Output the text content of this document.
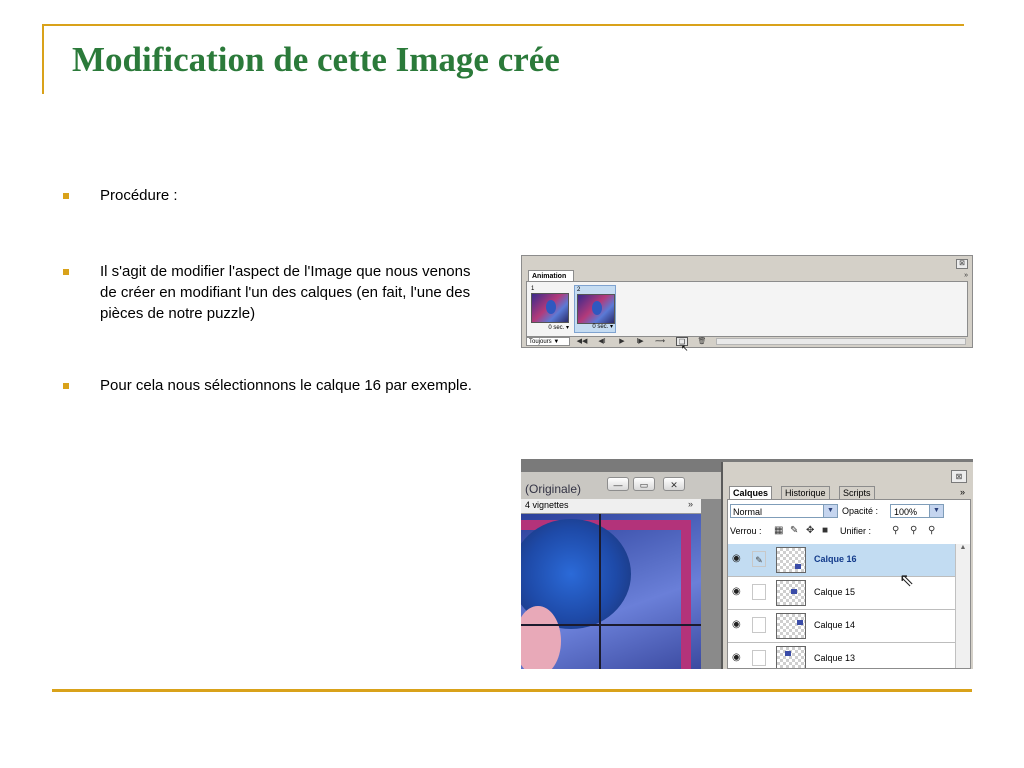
Modification de cette Image crée
Procédure :
Il s'agit de modifier l'aspect de l'Image que nous venons de créer en modifiant l'un des calques (en fait, l'une des pièces de notre puzzle)
Pour cela nous sélectionnons le calque 16 par exemple.
⊠
Animation	»
1
0 sec. ▾
2
0 sec. ▾
Toujours ▼	◀◀	◀I	▶	I▶	⟿	❑	🗑
↖
(Originale)	—	▭	✕
4 vignettes	»
⊠
Calques	Historique	Scripts	»
Normal	▼ Opacité :	100%	▼
Verrou : ▦ ✎ ✥ ■ Unifier : ⚲ ⚲ ⚲
◉	✎	Calque 16
◉	Calque 15
◉	Calque 14
◉	Calque 13
▲
⇖
